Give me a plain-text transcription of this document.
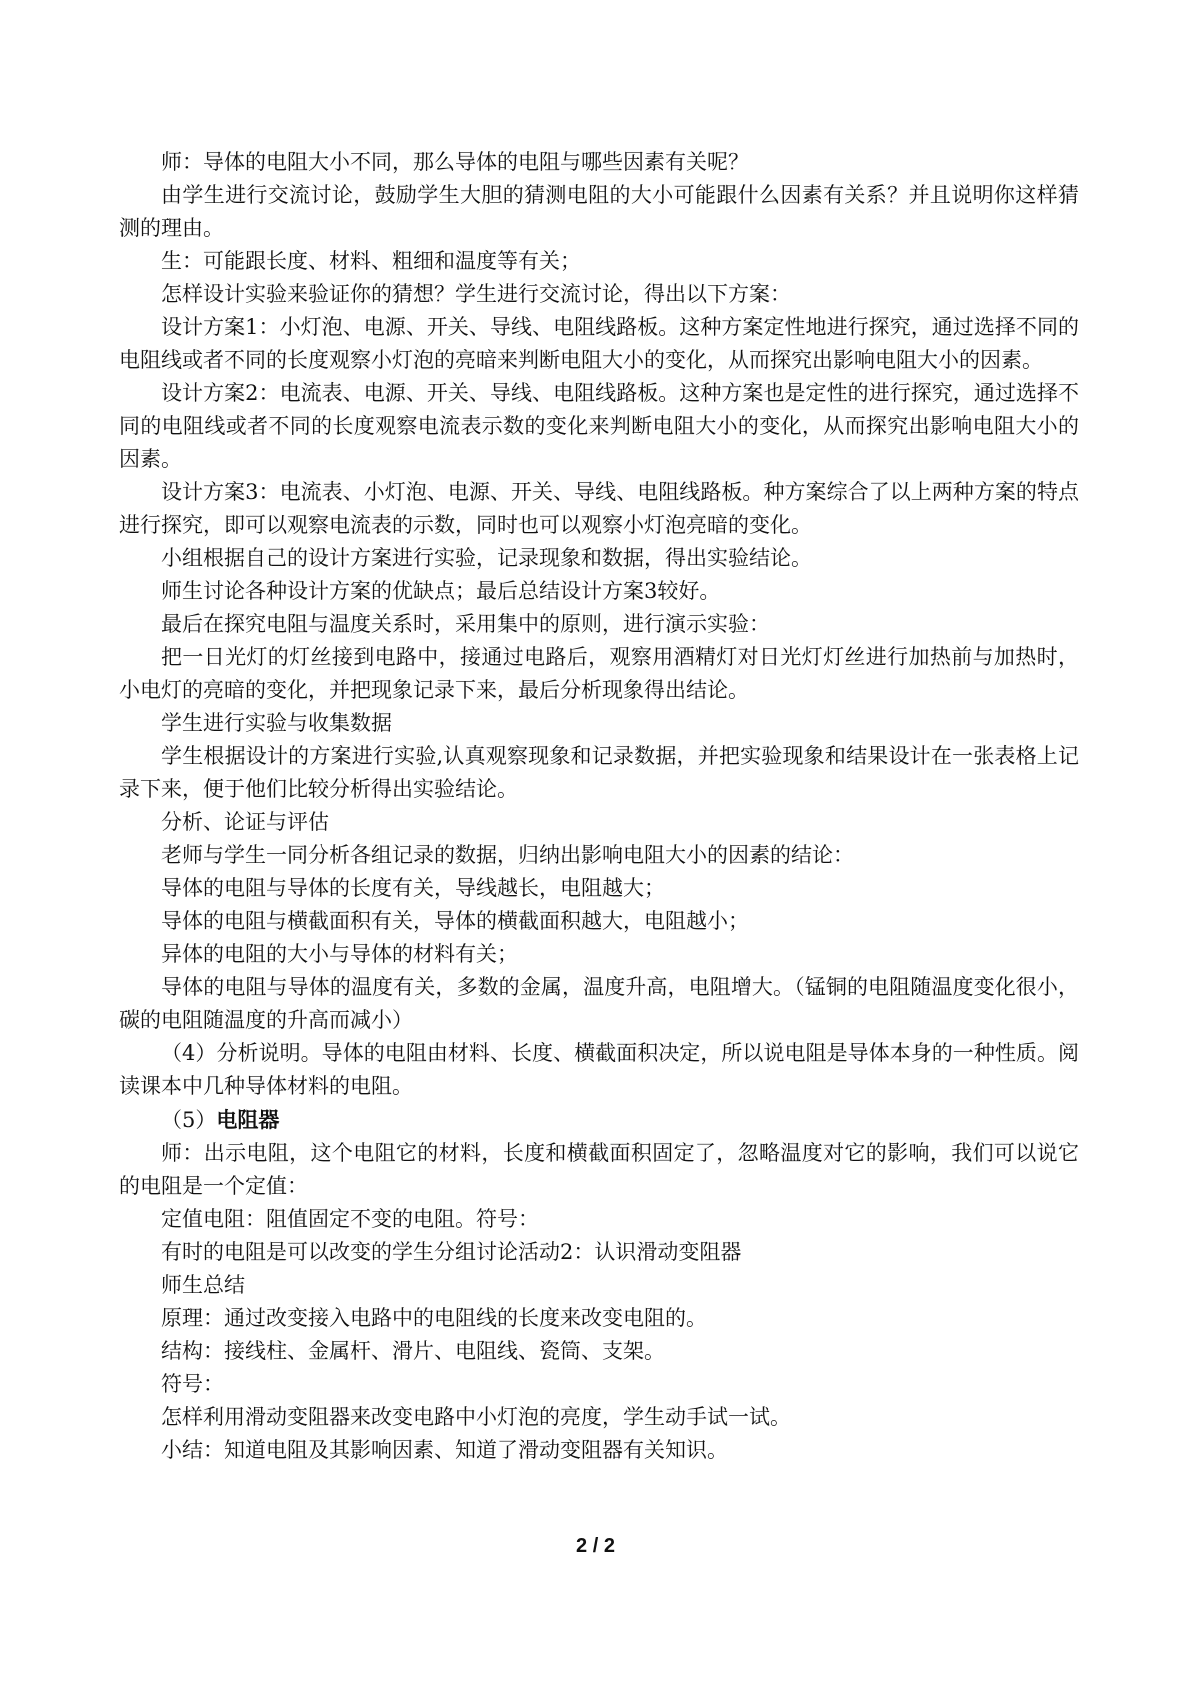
师：导体的电阻大小不同，那么导体的电阻与哪些因素有关呢？

由学生进行交流讨论，鼓励学生大胆的猜测电阻的大小可能跟什么因素有关系？并且说明你这样猜测的理由。

生：可能跟长度、材料、粗细和温度等有关；

怎样设计实验来验证你的猜想？学生进行交流讨论，得出以下方案：

设计方案1：小灯泡、电源、开关、导线、电阻线路板。这种方案定性地进行探究，通过选择不同的电阻线或者不同的长度观察小灯泡的亮暗来判断电阻大小的变化，从而探究出影响电阻大小的因素。

设计方案2：电流表、电源、开关、导线、电阻线路板。这种方案也是定性的进行探究，通过选择不同的电阻线或者不同的长度观察电流表示数的变化来判断电阻大小的变化，从而探究出影响电阻大小的因素。

设计方案3：电流表、小灯泡、电源、开关、导线、电阻线路板。种方案综合了以上两种方案的特点进行探究，即可以观察电流表的示数，同时也可以观察小灯泡亮暗的变化。

小组根据自己的设计方案进行实验，记录现象和数据，得出实验结论。

师生讨论各种设计方案的优缺点；最后总结设计方案3较好。

最后在探究电阻与温度关系时，采用集中的原则，进行演示实验：

把一日光灯的灯丝接到电路中，接通过电路后，观察用酒精灯对日光灯灯丝进行加热前与加热时，小电灯的亮暗的变化，并把现象记录下来，最后分析现象得出结论。

学生进行实验与收集数据

学生根据设计的方案进行实验,认真观察现象和记录数据，并把实验现象和结果设计在一张表格上记录下来，便于他们比较分析得出实验结论。

分析、论证与评估

老师与学生一同分析各组记录的数据，归纳出影响电阻大小的因素的结论：

导体的电阻与导体的长度有关，导线越长，电阻越大；

导体的电阻与横截面积有关，导体的横截面积越大，电阻越小；

异体的电阻的大小与导体的材料有关；

导体的电阻与导体的温度有关，多数的金属，温度升高，电阻增大。（锰铜的电阻随温度变化很小，碳的电阻随温度的升高而减小）

（4）分析说明。导体的电阻由材料、长度、横截面积决定，所以说电阻是导体本身的一种性质。阅读课本中几种导体材料的电阻。

（5）电阻器

师：出示电阻，这个电阻它的材料，长度和横截面积固定了，忽略温度对它的影响，我们可以说它的电阻是一个定值：

定值电阻：阻值固定不变的电阻。符号：

有时的电阻是可以改变的学生分组讨论活动2：认识滑动变阻器

师生总结

原理：通过改变接入电路中的电阻线的长度来改变电阻的。

结构：接线柱、金属杆、滑片、电阻线、瓷筒、支架。

符号：

怎样利用滑动变阻器来改变电路中小灯泡的亮度，学生动手试一试。

小结：知道电阻及其影响因素、知道了滑动变阻器有关知识。

2 / 2
